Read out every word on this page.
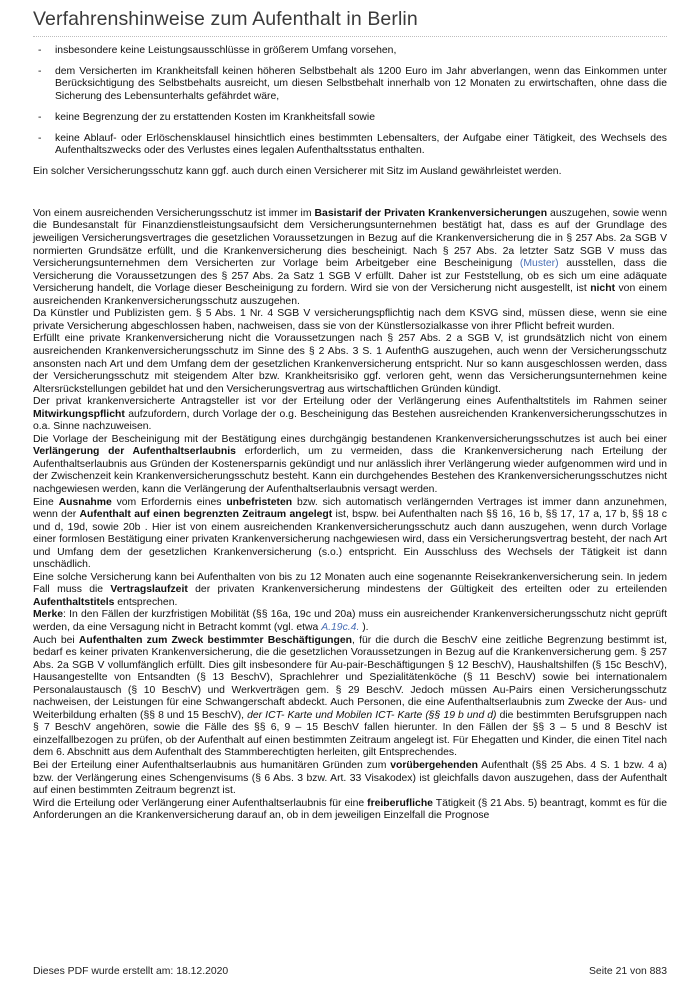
Verfahrenshinweise zum Aufenthalt in Berlin
- insbesondere keine Leistungsausschlüsse in größerem Umfang vorsehen,
- dem Versicherten im Krankheitsfall keinen höheren Selbstbehalt als 1200 Euro im Jahr abverlangen, wenn das Einkommen unter Berücksichtigung des Selbstbehalts ausreicht, um diesen Selbstbehalt innerhalb von 12 Monaten zu erwirtschaften, ohne dass die Sicherung des Lebensunterhalts gefährdet wäre,
- keine Begrenzung der zu erstattenden Kosten im Krankheitsfall sowie
- keine Ablauf- oder Erlöschensklausel hinsichtlich eines bestimmten Lebensalters, der Aufgabe einer Tätigkeit, des Wechsels des Aufenthaltszwecks oder des Verlustes eines legalen Aufenthaltsstatus enthalten.

Ein solcher Versicherungsschutz kann ggf. auch durch einen Versicherer mit Sitz im Ausland gewährleistet werden.

Von einem ausreichenden Versicherungsschutz ist immer im Basistarif der Privaten Krankenversicherungen auszugehen, sowie wenn die Bundesanstalt für Finanzdienstleistungsaufsicht dem Versicherungsunternehmen bestätigt hat, dass es auf der Grundlage des jeweiligen Versicherungsvertrages die gesetzlichen Voraussetzungen in Bezug auf die Krankenversicherung die in § 257 Abs. 2a SGB V normierten Grundsätze erfüllt, und die Krankenversicherung dies bescheinigt. Nach § 257 Abs. 2a letzter Satz SGB V muss das Versicherungsunternehmen dem Versicherten zur Vorlage beim Arbeitgeber eine Bescheinigung (Muster) ausstellen, dass die Versicherung die Voraussetzungen des § 257 Abs. 2a Satz 1 SGB V erfüllt. Daher ist zur Feststellung, ob es sich um eine adäquate Versicherung handelt, die Vorlage dieser Bescheinigung zu fordern. Wird sie von der Versicherung nicht ausgestellt, ist nicht von einem ausreichenden Krankenversicherungsschutz auszugehen.

Da Künstler und Publizisten gem. § 5 Abs. 1 Nr. 4 SGB V versicherungspflichtig nach dem KSVG sind, müssen diese, wenn sie eine private Versicherung abgeschlossen haben, nachweisen, dass sie von der Künstlersozialkasse von ihrer Pflicht befreit wurden.

Erfüllt eine private Krankenversicherung nicht die Voraussetzungen nach § 257 Abs. 2 a SGB V, ist grundsätzlich nicht von einem ausreichenden Krankenversicherungsschutz im Sinne des § 2 Abs. 3 S. 1 AufenthG auszugehen, auch wenn der Versicherungsschutz ansonsten nach Art und dem Umfang dem der gesetzlichen Krankenversicherung entspricht. Nur so kann ausgeschlossen werden, dass der Versicherungsschutz mit steigendem Alter bzw. Krankheitsrisiko ggf. verloren geht, wenn das Versicherungsunternehmen keine Altersrückstellungen gebildet hat und den Versicherungsvertrag aus wirtschaftlichen Gründen kündigt.

Der privat krankenversicherte Antragsteller ist vor der Erteilung oder der Verlängerung eines Aufenthaltstitels im Rahmen seiner Mitwirkungspflicht aufzufordern, durch Vorlage der o.g. Bescheinigung das Bestehen ausreichenden Krankenversicherungsschutzes in o.a. Sinne nachzuweisen.

Die Vorlage der Bescheinigung mit der Bestätigung eines durchgängig bestandenen Krankenversicherungsschutzes ist auch bei einer Verlängerung der Aufenthaltserlaubnis erforderlich, um zu vermeiden, dass die Krankenversicherung nach Erteilung der Aufenthaltserlaubnis aus Gründen der Kostenersparnis gekündigt und nur anlässlich ihrer Verlängerung wieder aufgenommen wird und in der Zwischenzeit kein Krankenversicherungsschutz besteht. Kann ein durchgehendes Bestehen des Krankenversicherungsschutzes nicht nachgewiesen werden, kann die Verlängerung der Aufenthaltserlaubnis versagt werden.

Eine Ausnahme vom Erfordernis eines unbefristeten bzw. sich automatisch verlängernden Vertrages ist immer dann anzunehmen, wenn der Aufenthalt auf einen begrenzten Zeitraum angelegt ist, bspw. bei Aufenthalten nach §§ 16, 16 b, §§ 17, 17 a, 17 b, §§ 18 c und d, 19d, sowie 20b . Hier ist von einem ausreichenden Krankenversicherungsschutz auch dann auszugehen, wenn durch Vorlage einer formlosen Bestätigung einer privaten Krankenversicherung nachgewiesen wird, dass ein Versicherungsvertrag besteht, der nach Art und Umfang dem der gesetzlichen Krankenversicherung (s.o.) entspricht. Ein Ausschluss des Wechsels der Tätigkeit ist dann unschädlich.

Eine solche Versicherung kann bei Aufenthalten von bis zu 12 Monaten auch eine sogenannte Reisekrankenversicherung sein. In jedem Fall muss die Vertragslaufzeit der privaten Krankenversicherung mindestens der Gültigkeit des erteilten oder zu erteilenden Aufenthaltstitels entsprechen.

Merke: In den Fällen der kurzfristigen Mobilität (§§ 16a, 19c und 20a) muss ein ausreichender Krankenversicherungsschutz nicht geprüft werden, da eine Versagung nicht in Betracht kommt (vgl. etwa A.19c.4. ).

Auch bei Aufenthalten zum Zweck bestimmter Beschäftigungen, für die durch die BeschV eine zeitliche Begrenzung bestimmt ist, bedarf es keiner privaten Krankenversicherung, die die gesetzlichen Voraussetzungen in Bezug auf die Krankenversicherung gem. § 257 Abs. 2a SGB V vollumfänglich erfüllt. Dies gilt insbesondere für Au-pair-Beschäftigungen § 12 BeschV), Haushaltshilfen (§ 15c BeschV), Hausangestellte von Entsandten (§ 13 BeschV), Sprachlehrer und Spezialitätenköche (§ 11 BeschV) sowie bei internationalem Personalaustausch (§ 10 BeschV) und Werkverträgen gem. § 29 BeschV. Jedoch müssen Au-Pairs einen Versicherungsschutz nachweisen, der Leistungen für eine Schwangerschaft abdeckt. Auch Personen, die eine Aufenthaltserlaubnis zum Zwecke der Aus- und Weiterbildung erhalten (§§ 8 und 15 BeschV), der ICT- Karte und Mobilen ICT- Karte (§§ 19 b und d) die bestimmten Berufsgruppen nach § 7 BeschV angehören, sowie die Fälle des §§ 6, 9 – 15 BeschV fallen hierunter. In den Fällen der §§ 3 – 5 und 8 BeschV ist einzelfallbezogen zu prüfen, ob der Aufenthalt auf einen bestimmten Zeitraum angelegt ist. Für Ehegatten und Kinder, die einen Titel nach dem 6. Abschnitt aus dem Aufenthalt des Stammberechtigten herleiten, gilt Entsprechendes.

Bei der Erteilung einer Aufenthaltserlaubnis aus humanitären Gründen zum vorübergehenden Aufenthalt (§§ 25 Abs. 4 S. 1 bzw. 4 a) bzw. der Verlängerung eines Schengenvisums (§ 6 Abs. 3 bzw. Art. 33 Visakodex) ist gleichfalls davon auszugehen, dass der Aufenthalt auf einen bestimmten Zeitraum begrenzt ist.

Wird die Erteilung oder Verlängerung einer Aufenthaltserlaubnis für eine freiberufliche Tätigkeit (§ 21 Abs. 5) beantragt, kommt es für die Anforderungen an die Krankenversicherung darauf an, ob in dem jeweiligen Einzelfall die Prognose

Dieses PDF wurde erstellt am: 18.12.2020	Seite 21 von 883
